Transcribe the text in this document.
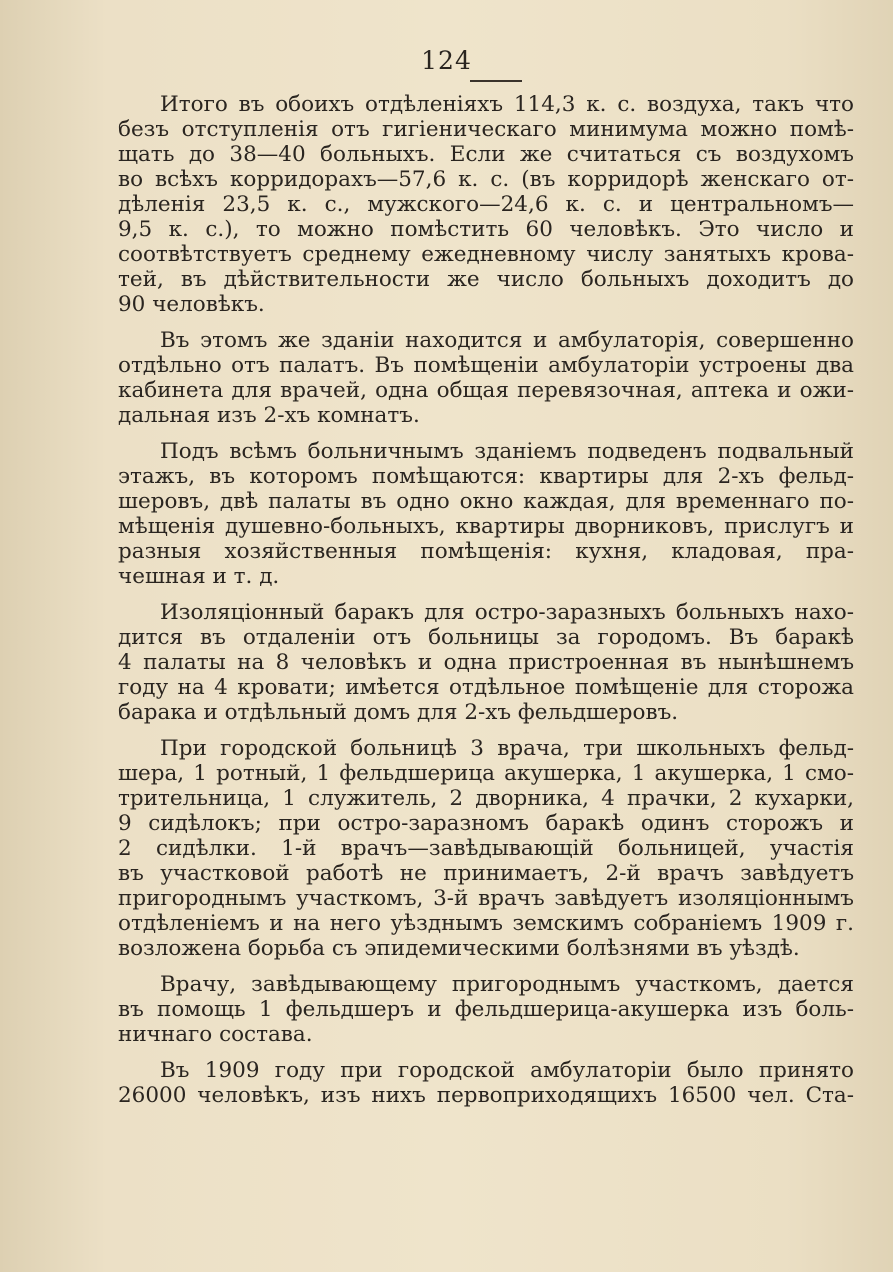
124
Итого въ обоихъ отдѣленіяхъ 114,3 к. с. воздуха, такъ что
безъ отступленія отъ гигіеническаго минимума можно помѣ-
щать до 38—40 больныхъ. Если же считаться съ воздухомъ
во всѣхъ корридорахъ—57,6 к. с. (въ корридорѣ женскаго от-
дѣленія 23,5 к. с., мужского—24,6 к. с. и центральномъ—
9,5 к. с.), то можно помѣстить 60 человѣкъ. Это число и
соотвѣтствуетъ среднему ежедневному числу занятыхъ крова-
тей, въ дѣйствительности же число больныхъ доходитъ до
90 человѣкъ.
Въ этомъ же зданіи находится и амбулаторія, совершенно
отдѣльно отъ палатъ. Въ помѣщеніи амбулаторіи устроены два
кабинета для врачей, одна общая перевязочная, аптека и ожи-
дальная изъ 2-хъ комнатъ.
Подъ всѣмъ больничнымъ зданіемъ подведенъ подвальный
этажъ, въ которомъ помѣщаются: квартиры для 2-хъ фельд-
шеровъ, двѣ палаты въ одно окно каждая, для временнаго по-
мѣщенія душевно-больныхъ, квартиры дворниковъ, прислугъ и
разныя хозяйственныя помѣщенія: кухня, кладовая, пра-
чешная и т. д.
Изоляціонный баракъ для остро-заразныхъ больныхъ нахо-
дится въ отдаленіи отъ больницы за городомъ. Въ баракѣ
4 палаты на 8 человѣкъ и одна пристроенная въ нынѣшнемъ
году на 4 кровати; имѣется отдѣльное помѣщеніе для сторожа
барака и отдѣльный домъ для 2-хъ фельдшеровъ.
При городской больницѣ 3 врача, три школьныхъ фельд-
шера, 1 ротный, 1 фельдшерица акушерка, 1 акушерка, 1 смо-
трительница, 1 служитель, 2 дворника, 4 прачки, 2 кухарки,
9 сидѣлокъ; при остро-заразномъ баракѣ одинъ сторожъ и
2 сидѣлки. 1-й врачъ—завѣдывающій больницей, участія
въ участковой работѣ не принимаетъ, 2-й врачъ завѣдуетъ
пригороднымъ участкомъ, 3-й врачъ завѣдуетъ изоляціоннымъ
отдѣленіемъ и на него уѣзднымъ земскимъ собраніемъ 1909 г.
возложена борьба съ эпидемическими болѣзнями въ уѣздѣ.
Врачу, завѣдывающему пригороднымъ участкомъ, дается
въ помощь 1 фельдшеръ и фельдшерица-акушерка изъ боль-
ничнаго состава.
Въ 1909 году при городской амбулаторіи было принято
26000 человѣкъ, изъ нихъ первоприходящихъ 16500 чел. Ста-
